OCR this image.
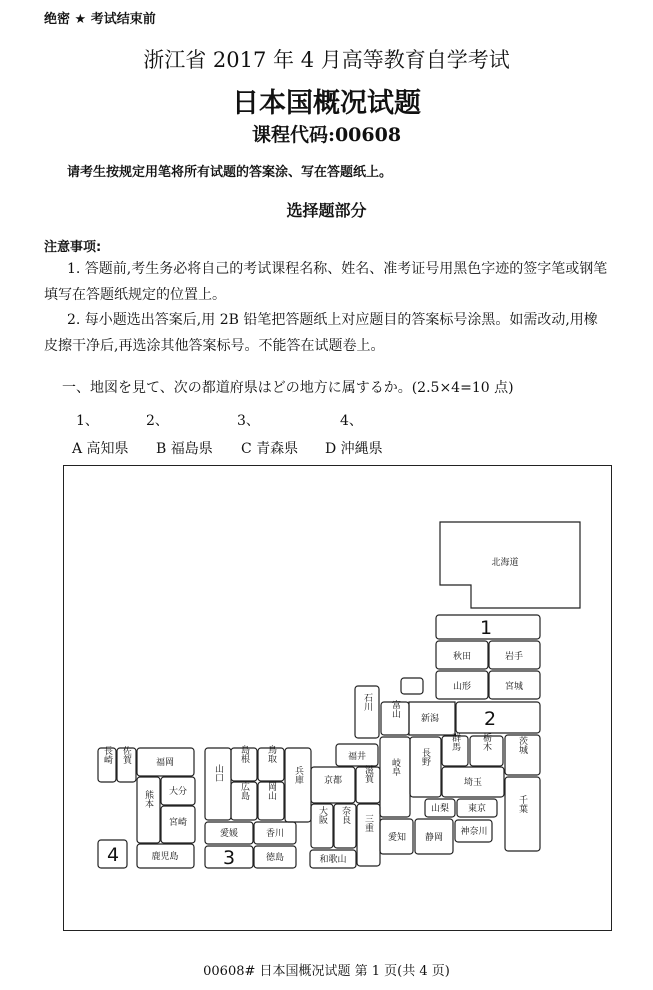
绝密 ★ 考试结束前
浙江省 2017 年 4 月高等教育自学考试
日本国概况试题
课程代码:00608
请考生按规定用笔将所有试题的答案涂、写在答题纸上。
选择题部分
注意事项:
1. 答题前,考生务必将自己的考试课程名称、姓名、准考证号用黑色字迹的签字笔或钢笔
填写在答题纸规定的位置上。
2. 每小题选出答案后,用 2B 铅笔把答题纸上对应题目的答案标号涂黑。如需改动,用橡
皮擦干净后,再选涂其他答案标号。不能答在试题卷上。
一、地図を見て、次の都道府県はどの地方に属するか。(2.5×4=10 点)
1、	2、	3、	4、
A 高知県 B 福島県 C 青森県 D 沖縄県
1
2
3
4
北海道
秋田	岩手
山形	宮城
新潟
福井
埼玉
京都
山梨 東京
神奈川
愛知 静岡
和歌山
福岡
大分
宮崎
鹿児島
愛媛	香川
徳島
石川 富山
群馬 栃木	茨城
岐阜
長野
千葉
兵庫	滋賀
大阪 奈良 三重
山口
島根 鳥取
広島 岡山
長崎 佐賀
熊本
00608# 日本国概况试题 第 1 页(共 4 页)
